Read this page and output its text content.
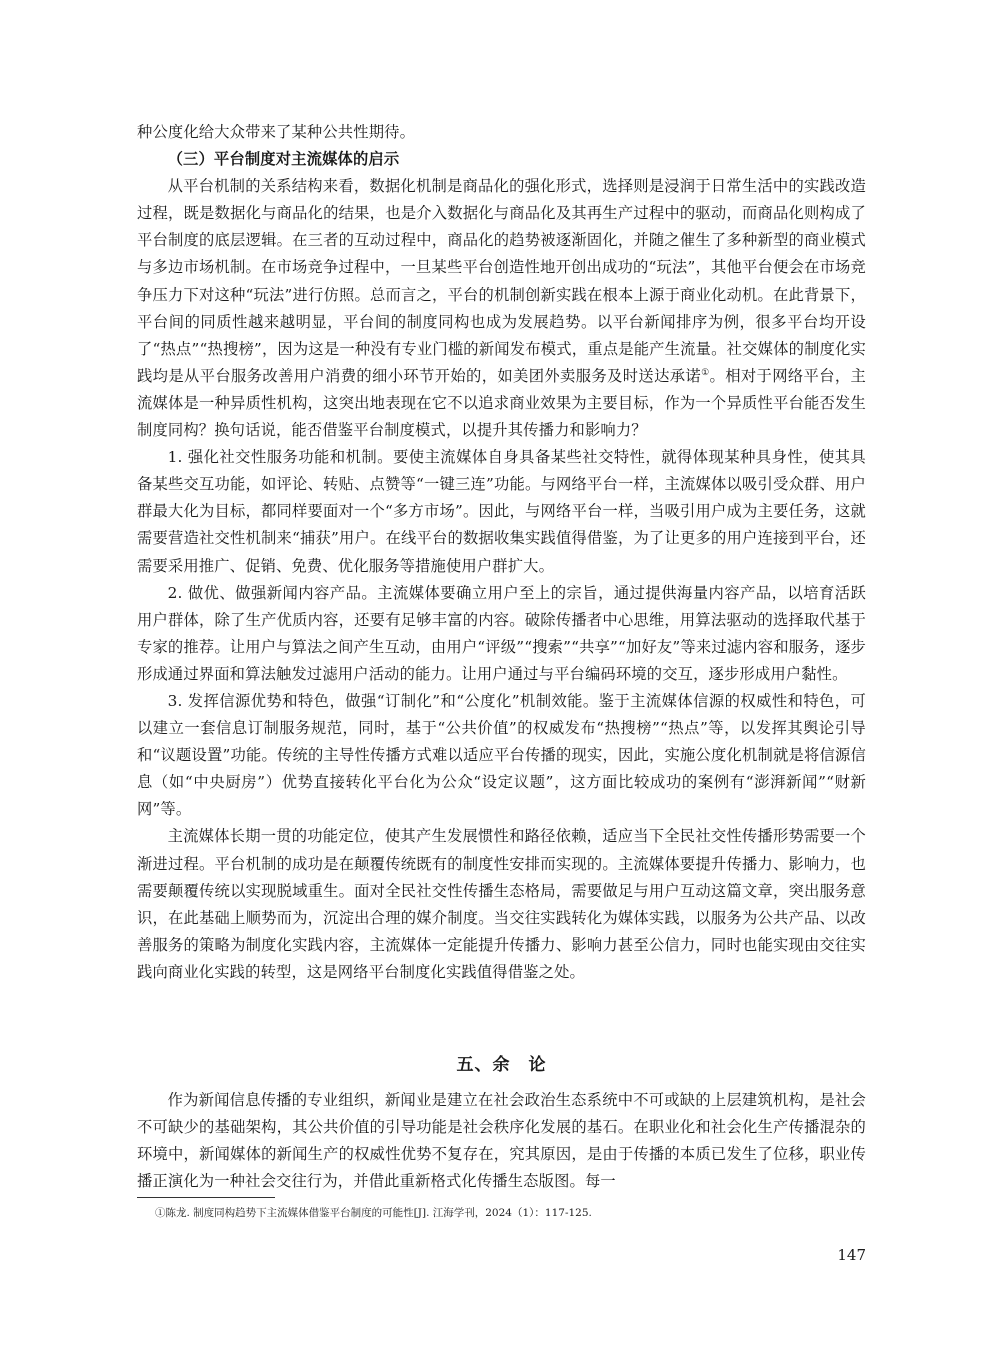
种公度化给大众带来了某种公共性期待。

（三）平台制度对主流媒体的启示

从平台机制的关系结构来看，数据化机制是商品化的强化形式，选择则是浸润于日常生活中的实践改造过程，既是数据化与商品化的结果，也是介入数据化与商品化及其再生产过程中的驱动，而商品化则构成了平台制度的底层逻辑。在三者的互动过程中，商品化的趋势被逐渐固化，并随之催生了多种新型的商业模式与多边市场机制。在市场竞争过程中，一旦某些平台创造性地开创出成功的“玩法”，其他平台便会在市场竞争压力下对这种“玩法”进行仿照。总而言之，平台的机制创新实践在根本上源于商业化动机。在此背景下，平台间的同质性越来越明显，平台间的制度同构也成为发展趋势。以平台新闻排序为例，很多平台均开设了“热点”“热搜榜”，因为这是一种没有专业门槛的新闻发布模式，重点是能产生流量。社交媒体的制度化实践均是从平台服务改善用户消费的细小环节开始的，如美团外卖服务及时送达承诺①。相对于网络平台，主流媒体是一种异质性机构，这突出地表现在它不以追求商业效果为主要目标，作为一个异质性平台能否发生制度同构？换句话说，能否借鉴平台制度模式，以提升其传播力和影响力？

1. 强化社交性服务功能和机制。要使主流媒体自身具备某些社交特性，就得体现某种具身性，使其具备某些交互功能，如评论、转贴、点赞等“一键三连”功能。与网络平台一样，主流媒体以吸引受众群、用户群最大化为目标，都同样要面对一个“多方市场”。因此，与网络平台一样，当吸引用户成为主要任务，这就需要营造社交性机制来“捕获”用户。在线平台的数据收集实践值得借鉴，为了让更多的用户连接到平台，还需要采用推广、促销、免费、优化服务等措施使用户群扩大。

2. 做优、做强新闻内容产品。主流媒体要确立用户至上的宗旨，通过提供海量内容产品，以培育活跃用户群体，除了生产优质内容，还要有足够丰富的内容。破除传播者中心思维，用算法驱动的选择取代基于专家的推荐。让用户与算法之间产生互动，由用户“评级”“搜索”“共享”“加好友”等来过滤内容和服务，逐步形成通过界面和算法触发过滤用户活动的能力。让用户通过与平台编码环境的交互，逐步形成用户黏性。

3. 发挥信源优势和特色，做强“订制化”和“公度化”机制效能。鉴于主流媒体信源的权威性和特色，可以建立一套信息订制服务规范，同时，基于“公共价值”的权威发布“热搜榜”“热点”等，以发挥其舆论引导和“议题设置”功能。传统的主导性传播方式难以适应平台传播的现实，因此，实施公度化机制就是将信源信息（如“中央厨房”）优势直接转化平台化为公众“设定议题”，这方面比较成功的案例有“澎湃新闻”“财新网”等。

主流媒体长期一贯的功能定位，使其产生发展惯性和路径依赖，适应当下全民社交性传播形势需要一个渐进过程。平台机制的成功是在颠覆传统既有的制度性安排而实现的。主流媒体要提升传播力、影响力，也需要颠覆传统以实现脱域重生。面对全民社交性传播生态格局，需要做足与用户互动这篇文章，突出服务意识，在此基础上顺势而为，沉淀出合理的媒介制度。当交往实践转化为媒体实践，以服务为公共产品、以改善服务的策略为制度化实践内容，主流媒体一定能提升传播力、影响力甚至公信力，同时也能实现由交往实践向商业化实践的转型，这是网络平台制度化实践值得借鉴之处。

五、余　论

作为新闻信息传播的专业组织，新闻业是建立在社会政治生态系统中不可或缺的上层建筑机构，是社会不可缺少的基础架构，其公共价值的引导功能是社会秩序化发展的基石。在职业化和社会化生产传播混杂的环境中，新闻媒体的新闻生产的权威性优势不复存在，究其原因，是由于传播的本质已发生了位移，职业传播正演化为一种社会交往行为，并借此重新格式化传播生态版图。每一

①陈龙. 制度同构趋势下主流媒体借鉴平台制度的可能性[J]. 江海学刊，2024（1）：117-125.
147
